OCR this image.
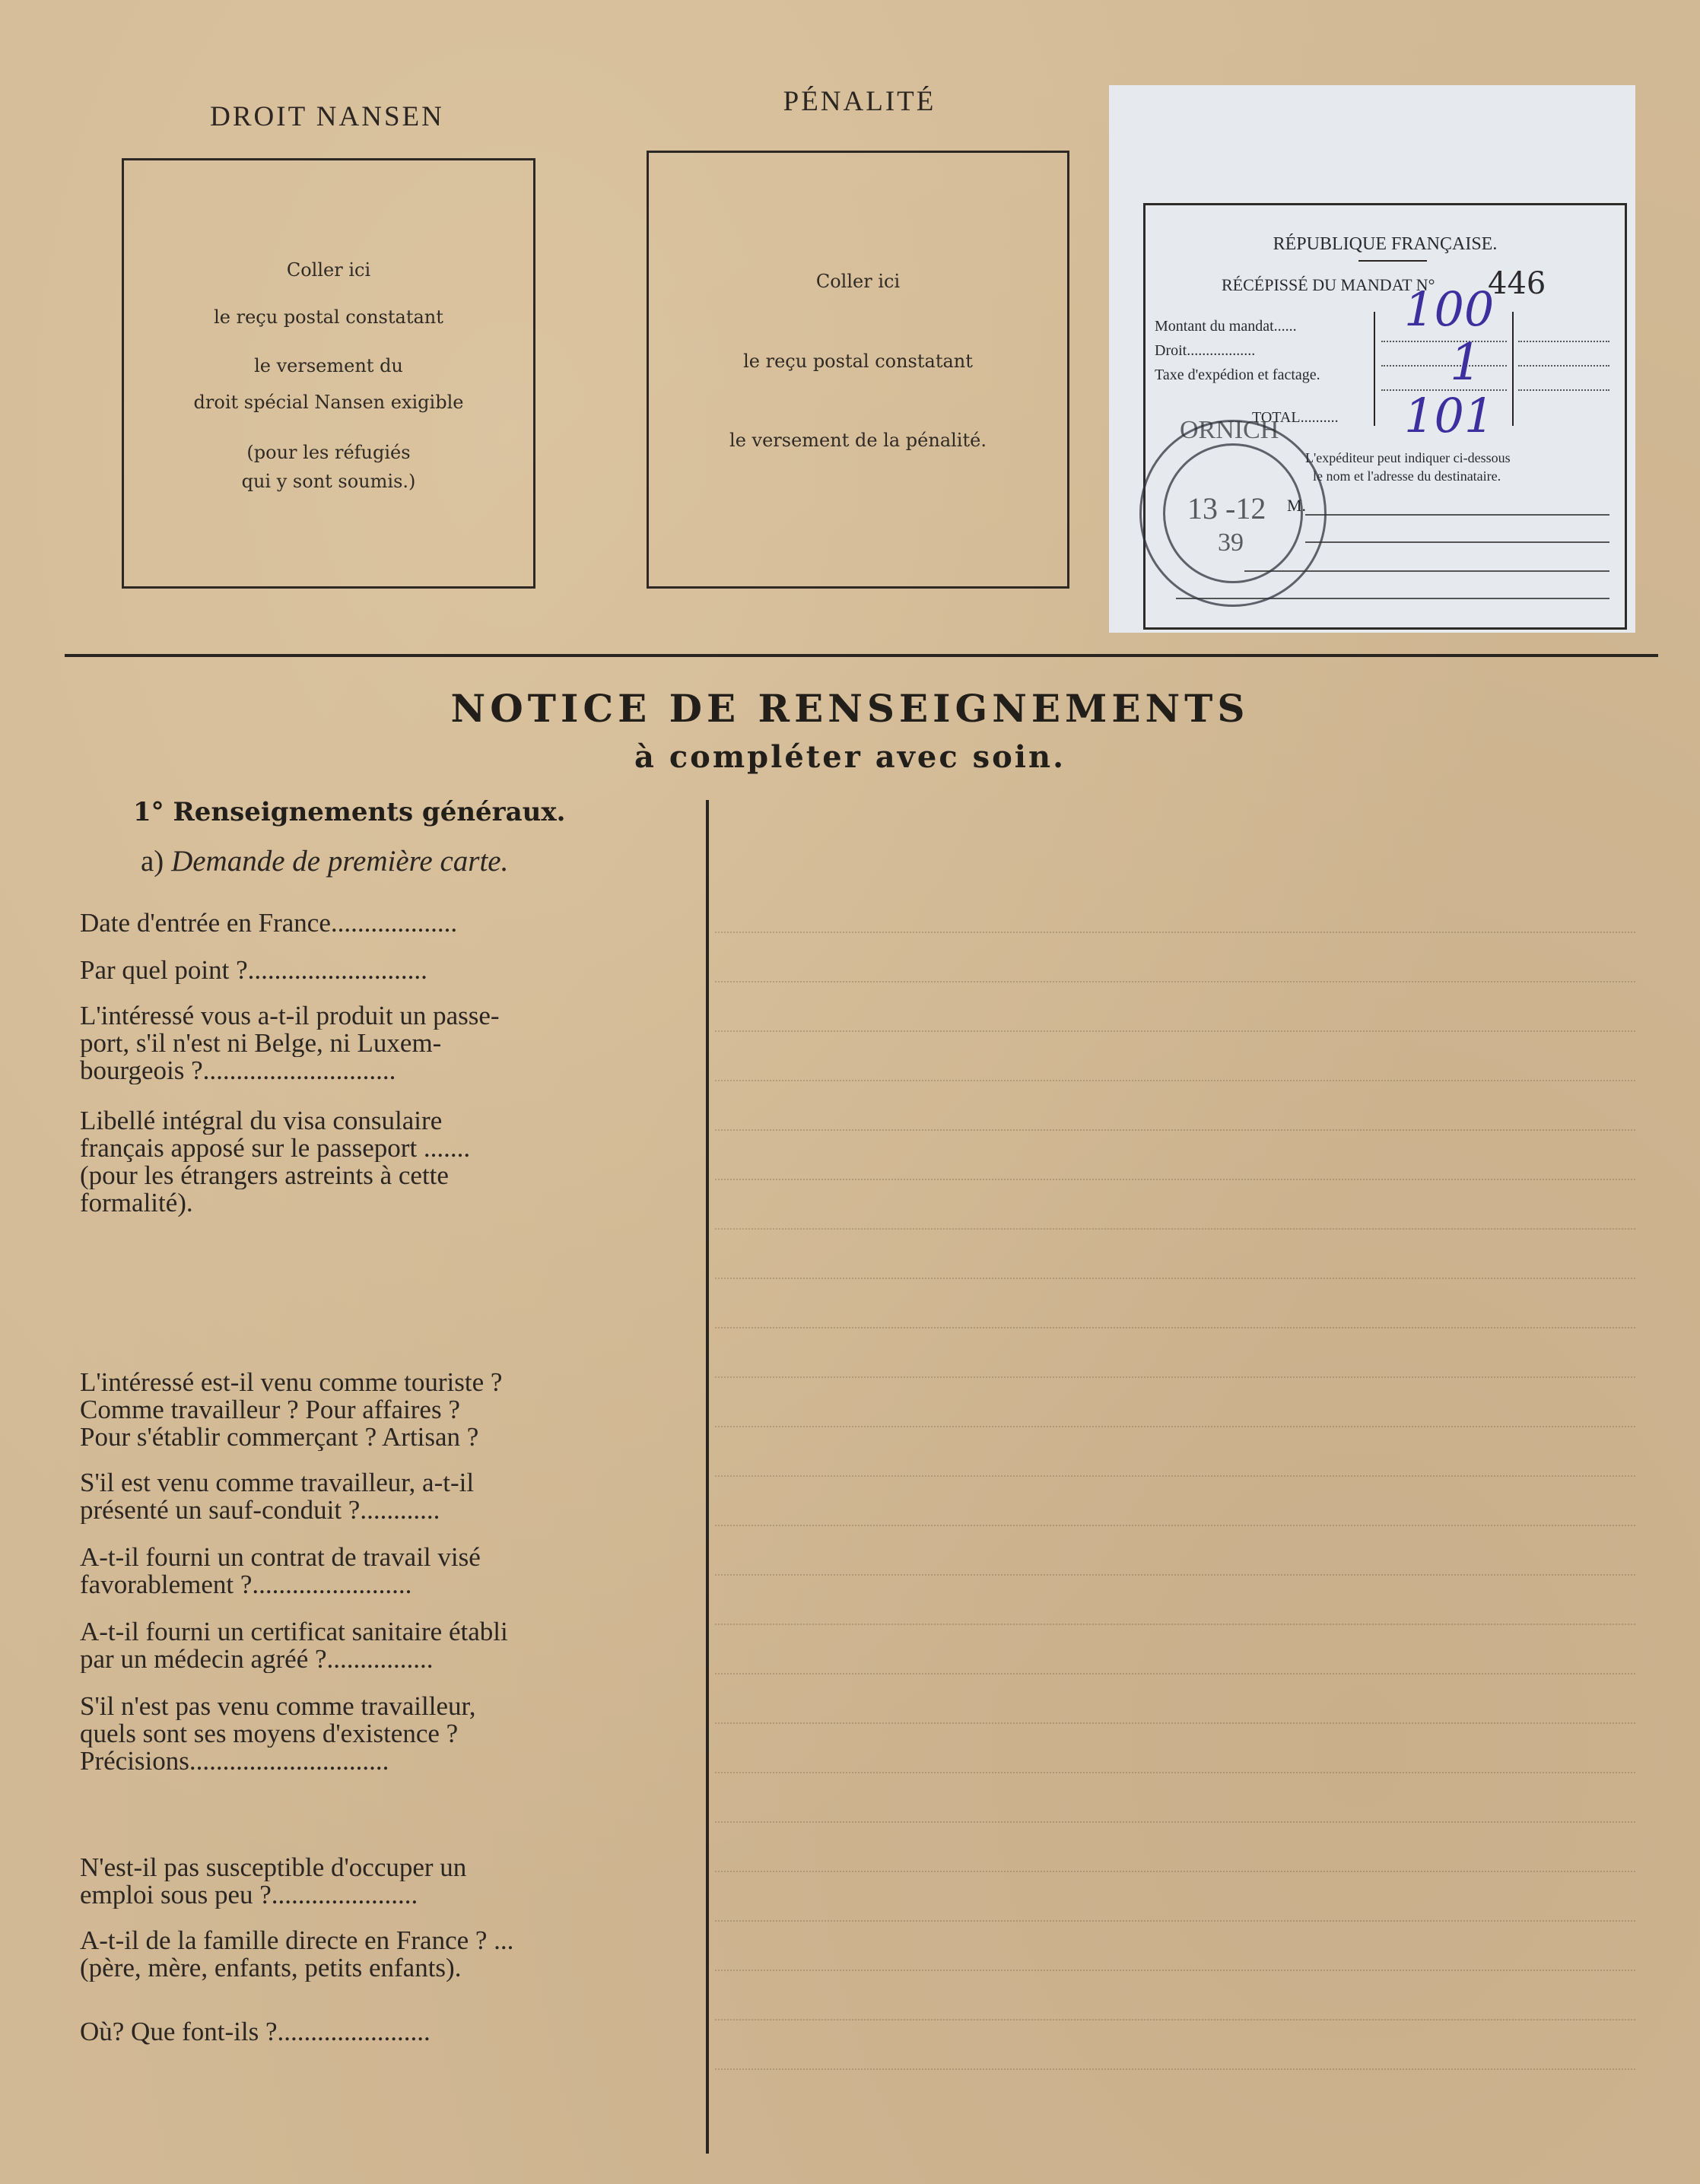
DROIT NANSEN
Coller ici
le reçu postal constatant
le versement du
droit spécial Nansen exigible
(pour les réfugiés
qui y sont soumis.)
PÉNALITÉ
Coller ici
le reçu postal constatant
le versement de la pénalité.
RÉPUBLIQUE FRANÇAISE.
RÉCÉPISSÉ DU MANDAT N° 446
Montant du mandat......
Droit..................
Taxe d'expédion et factage.
TOTAL..........
100
1
101
L'expéditeur peut indiquer ci-dessous
le nom et l'adresse du destinataire.
M.
ORNICH
13 -12
39
NOTICE DE RENSEIGNEMENTS
à compléter avec soin.
1° Renseignements généraux.
a) Demande de première carte.
Date d'entrée en France...................
Par quel point ?...........................
L'intéressé vous a-t-il produit un passe-
port, s'il n'est ni Belge, ni Luxem-
bourgeois ?.............................
Libellé intégral du visa consulaire
français apposé sur le passeport .......
(pour les étrangers astreints à cette
formalité).
L'intéressé est-il venu comme touriste ?
Comme travailleur ? Pour affaires ?
Pour s'établir commerçant ? Artisan ?
S'il est venu comme travailleur, a-t-il
présenté un sauf-conduit ?............
A-t-il fourni un contrat de travail visé
favorablement ?........................
A-t-il fourni un certificat sanitaire établi
par un médecin agréé ?................
S'il n'est pas venu comme travailleur,
quels sont ses moyens d'existence ?
Précisions..............................
N'est-il pas susceptible d'occuper un
emploi sous peu ?......................
A-t-il de la famille directe en France ? ...
(père, mère, enfants, petits enfants).
Où? Que font-ils ?.......................
